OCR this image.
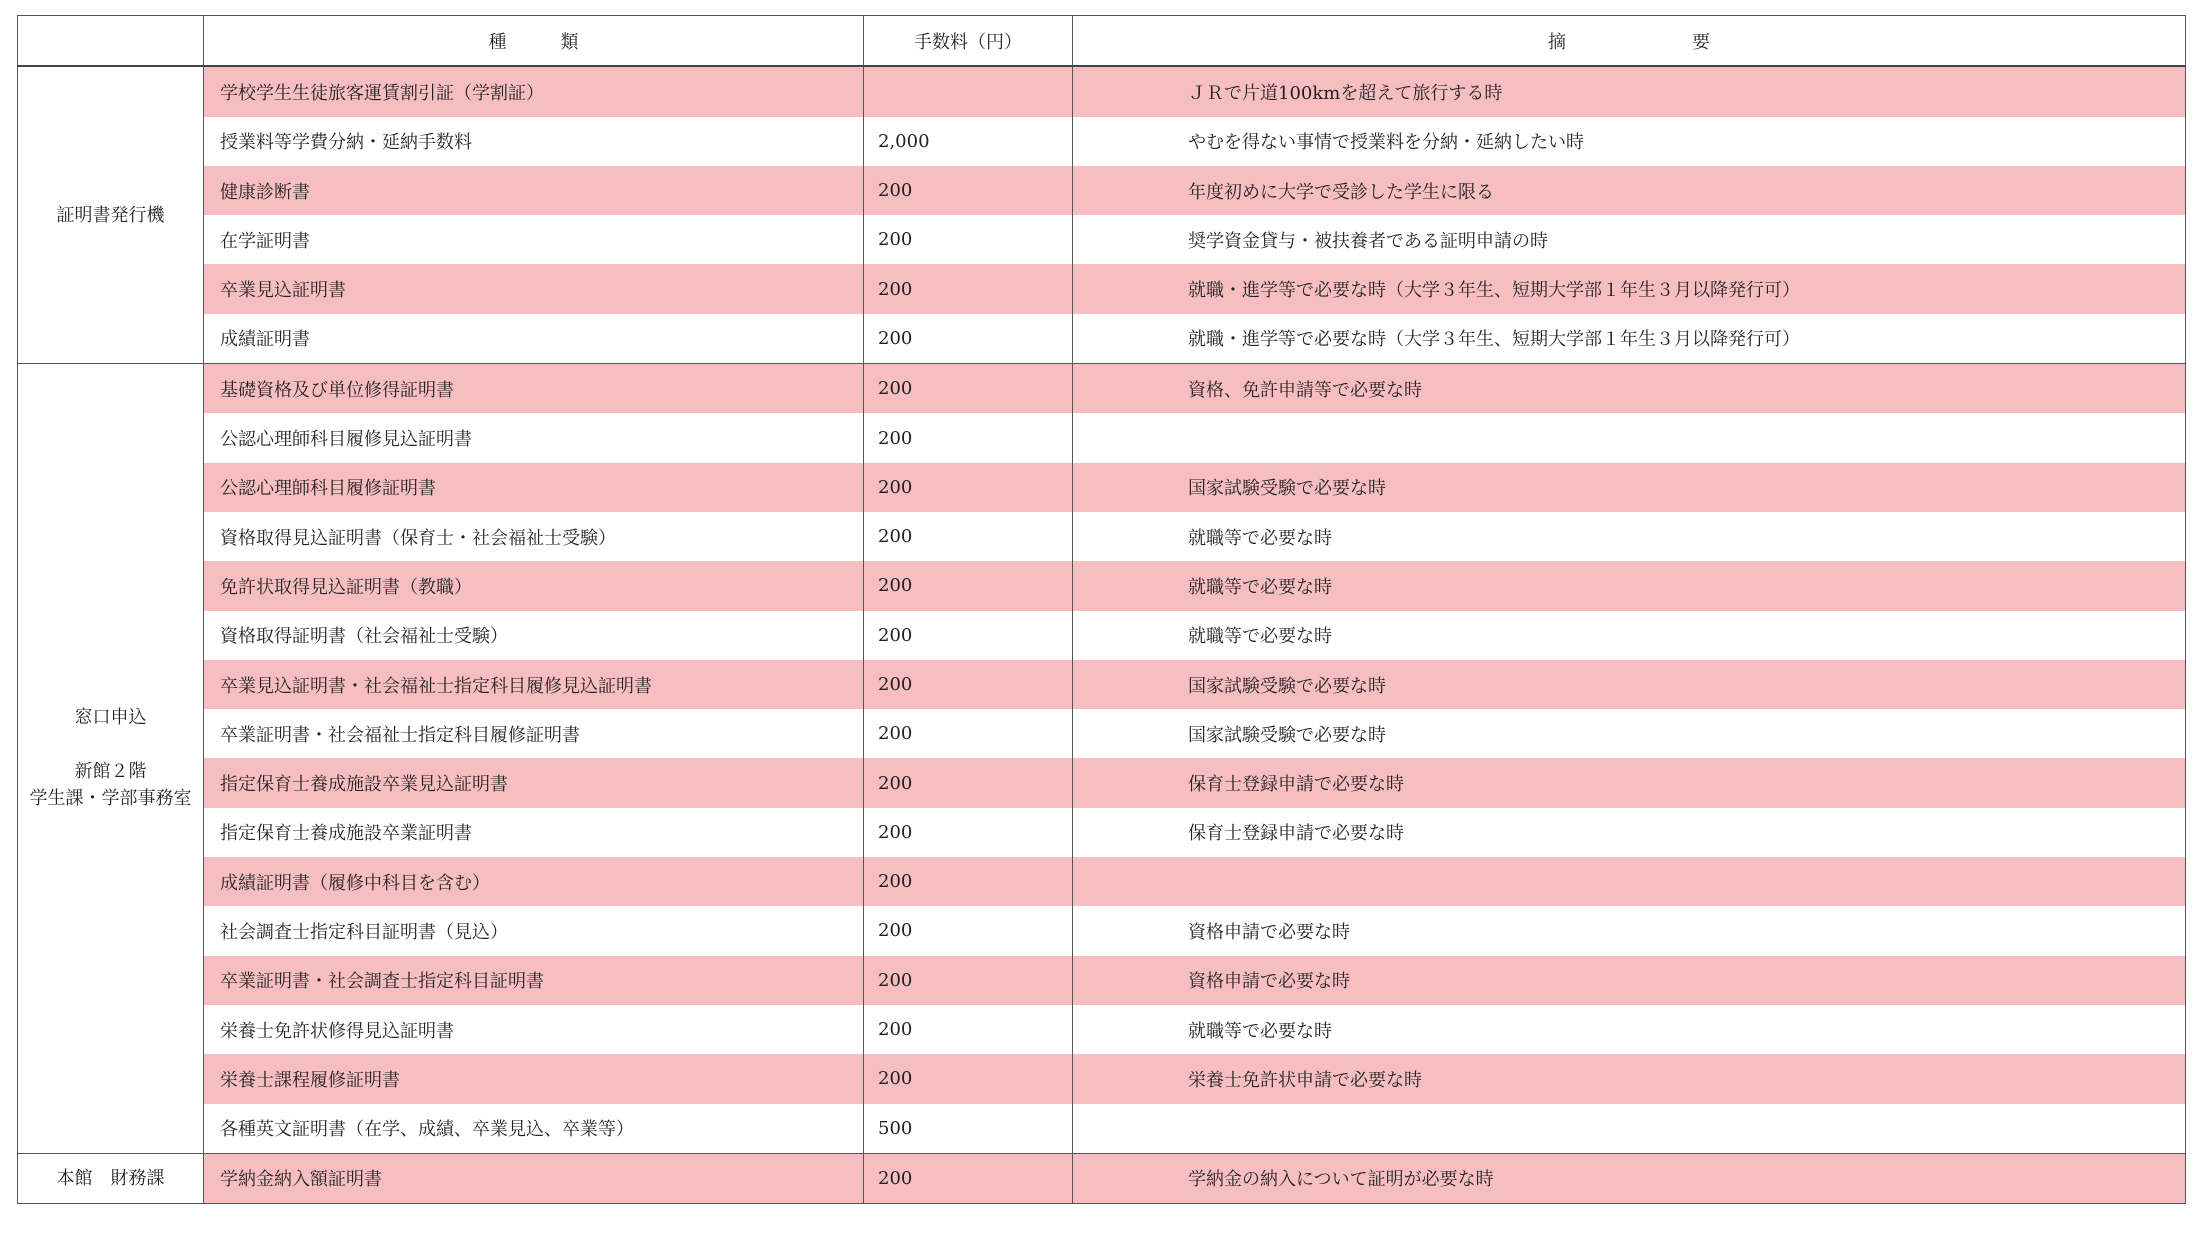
	種　　　類	手数料（円）	摘　　　　　　　要

証明書発行機	学校学生生徒旅客運賃割引証（学割証）		ＪＲで片道100kmを超えて旅行する時
	授業料等学費分納・延納手数料	2,000	やむを得ない事情で授業料を分納・延納したい時
	健康診断書	200	年度初めに大学で受診した学生に限る
	在学証明書	200	奨学資金貸与・被扶養者である証明申請の時
	卒業見込証明書	200	就職・進学等で必要な時（大学３年生、短期大学部１年生３月以降発行可）
	成績証明書	200	就職・進学等で必要な時（大学３年生、短期大学部１年生３月以降発行可）

窓口申込
新館２階
学生課・学部事務室	基礎資格及び単位修得証明書	200	資格、免許申請等で必要な時
	公認心理師科目履修見込証明書	200	
	公認心理師科目履修証明書	200	国家試験受験で必要な時
	資格取得見込証明書（保育士・社会福祉士受験）	200	就職等で必要な時
	免許状取得見込証明書（教職）	200	就職等で必要な時
	資格取得証明書（社会福祉士受験）	200	就職等で必要な時
	卒業見込証明書・社会福祉士指定科目履修見込証明書	200	国家試験受験で必要な時
	卒業証明書・社会福祉士指定科目履修証明書	200	国家試験受験で必要な時
	指定保育士養成施設卒業見込証明書	200	保育士登録申請で必要な時
	指定保育士養成施設卒業証明書	200	保育士登録申請で必要な時
	成績証明書（履修中科目を含む）	200	
	社会調査士指定科目証明書（見込）	200	資格申請で必要な時
	卒業証明書・社会調査士指定科目証明書	200	資格申請で必要な時
	栄養士免許状修得見込証明書	200	就職等で必要な時
	栄養士課程履修証明書	200	栄養士免許状申請で必要な時
	各種英文証明書（在学、成績、卒業見込、卒業等）	500	

本館　財務課	学納金納入額証明書	200	学納金の納入について証明が必要な時
